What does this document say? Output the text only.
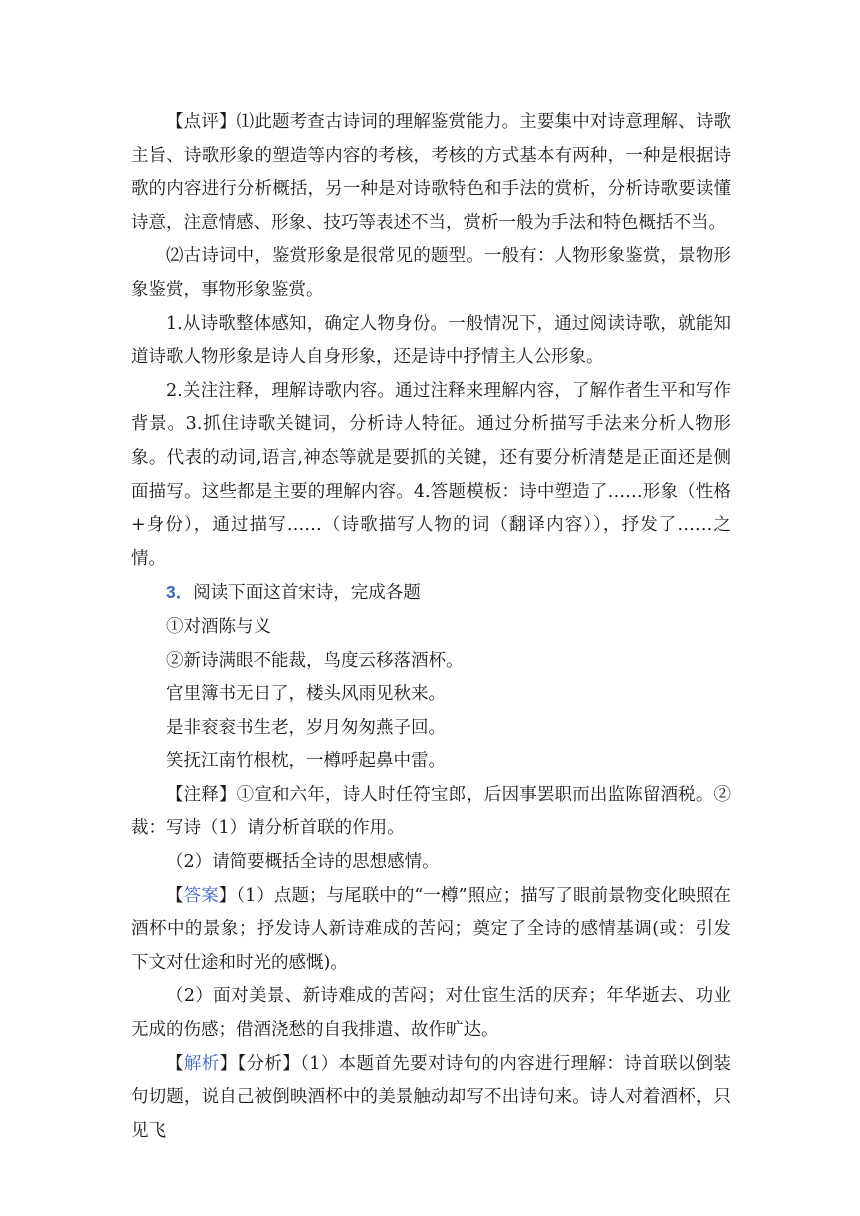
【点评】⑴此题考查古诗词的理解鉴赏能力。主要集中对诗意理解、诗歌主旨、诗歌形象的塑造等内容的考核，考核的方式基本有两种，一种是根据诗歌的内容进行分析概括，另一种是对诗歌特色和手法的赏析，分析诗歌要读懂诗意，注意情感、形象、技巧等表述不当，赏析一般为手法和特色概括不当。

⑵古诗词中，鉴赏形象是很常见的题型。一般有：人物形象鉴赏，景物形象鉴赏，事物形象鉴赏。

1.从诗歌整体感知，确定人物身份。一般情况下，通过阅读诗歌，就能知道诗歌人物形象是诗人自身形象，还是诗中抒情主人公形象。

2.关注注释，理解诗歌内容。通过注释来理解内容，了解作者生平和写作背景。3.抓住诗歌关键词，分析诗人特征。通过分析描写手法来分析人物形象。代表的动词,语言,神态等就是要抓的关键，还有要分析清楚是正面还是侧面描写。这些都是主要的理解内容。4.答题模板：诗中塑造了……形象（性格+身份），通过描写……（诗歌描写人物的词（翻译内容）），抒发了……之情。

3．阅读下面这首宋诗，完成各题

①对酒陈与义

②新诗满眼不能裁，鸟度云移落酒杯。

官里簿书无日了，楼头风雨见秋来。

是非衮衮书生老，岁月匆匆燕子回。

笑抚江南竹根枕，一樽呼起鼻中雷。

【注释】①宣和六年，诗人时任符宝郎，后因事罢职而出监陈留酒税。②裁：写诗（1）请分析首联的作用。

（2）请简要概括全诗的思想感情。

【答案】（1）点题；与尾联中的“一樽”照应；描写了眼前景物变化映照在酒杯中的景象；抒发诗人新诗难成的苦闷；奠定了全诗的感情基调(或：引发下文对仕途和时光的感慨)。

（2）面对美景、新诗难成的苦闷；对仕宦生活的厌弃；年华逝去、功业无成的伤感；借酒浇愁的自我排遣、故作旷达。

【解析】【分析】（1）本题首先要对诗句的内容进行理解：诗首联以倒装句切题，说自己被倒映酒杯中的美景触动却写不出诗句来。诗人对着酒杯，只见飞
